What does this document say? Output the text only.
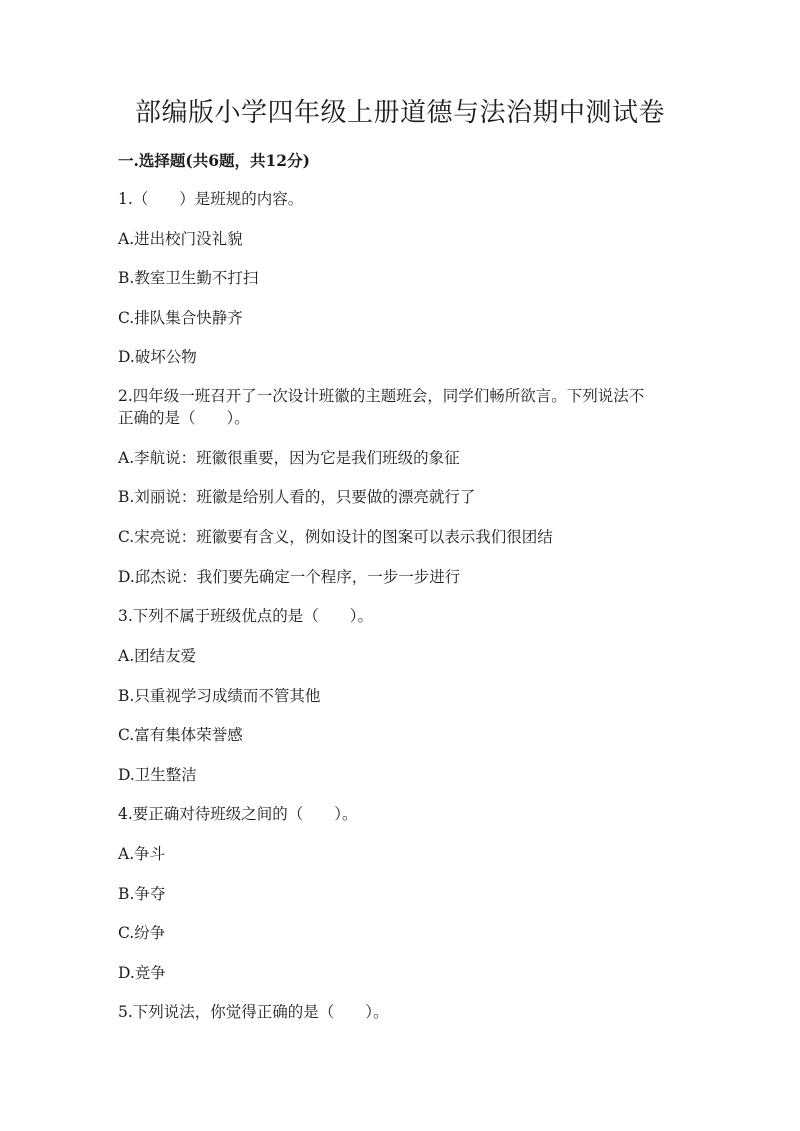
部编版小学四年级上册道德与法治期中测试卷

一.选择题(共6题，共12分)

1.（　　）是班规的内容。

A.进出校门没礼貌

B.教室卫生勤不打扫

C.排队集合快静齐

D.破坏公物

2.四年级一班召开了一次设计班徽的主题班会，同学们畅所欲言。下列说法不

正确的是（　　）。

A.李航说：班徽很重要，因为它是我们班级的象征

B.刘丽说：班徽是给别人看的，只要做的漂亮就行了

C.宋亮说：班徽要有含义，例如设计的图案可以表示我们很团结

D.邱杰说：我们要先确定一个程序，一步一步进行

3.下列不属于班级优点的是（　　）。

A.团结友爱

B.只重视学习成绩而不管其他

C.富有集体荣誉感

D.卫生整洁

4.要正确对待班级之间的（　　）。

A.争斗

B.争夺

C.纷争

D.竞争

5.下列说法，你觉得正确的是（　　）。
